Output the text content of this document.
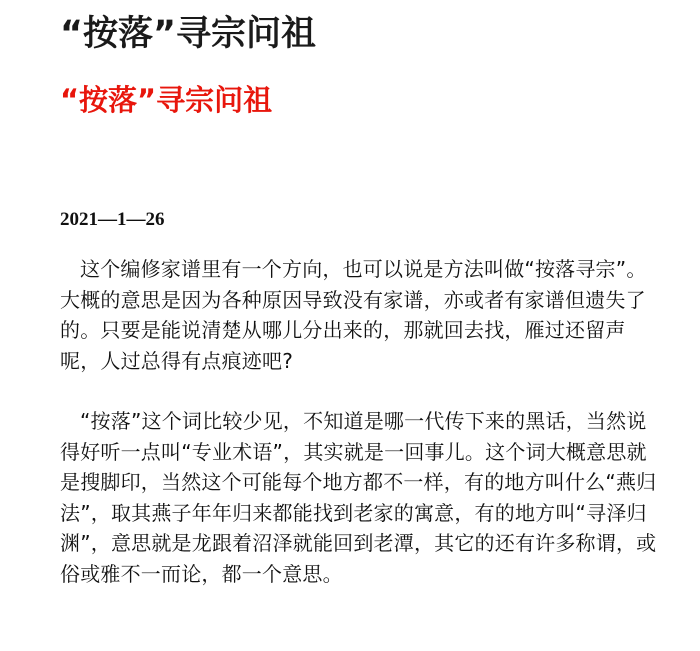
“按落”寻宗问祖
“按落”寻宗问祖
2021—1—26

这个编修家谱里有一个方向，也可以说是方法叫做“按落寻宗”。大概的意思是因为各种原因导致没有家谱，亦或者有家谱但遗失了的。只要是能说清楚从哪儿分出来的，那就回去找，雁过还留声呢，人过总得有点痕迹吧?

“按落”这个词比较少见，不知道是哪一代传下来的黑话，当然说得好听一点叫“专业术语”，其实就是一回事儿。这个词大概意思就是搜脚印，当然这个可能每个地方都不一样，有的地方叫什么“燕归法”，取其燕子年年归来都能找到老家的寓意，有的地方叫“寻泽归渊”，意思就是龙跟着沼泽就能回到老潭，其它的还有许多称谓，或俗或雅不一而论，都一个意思。
